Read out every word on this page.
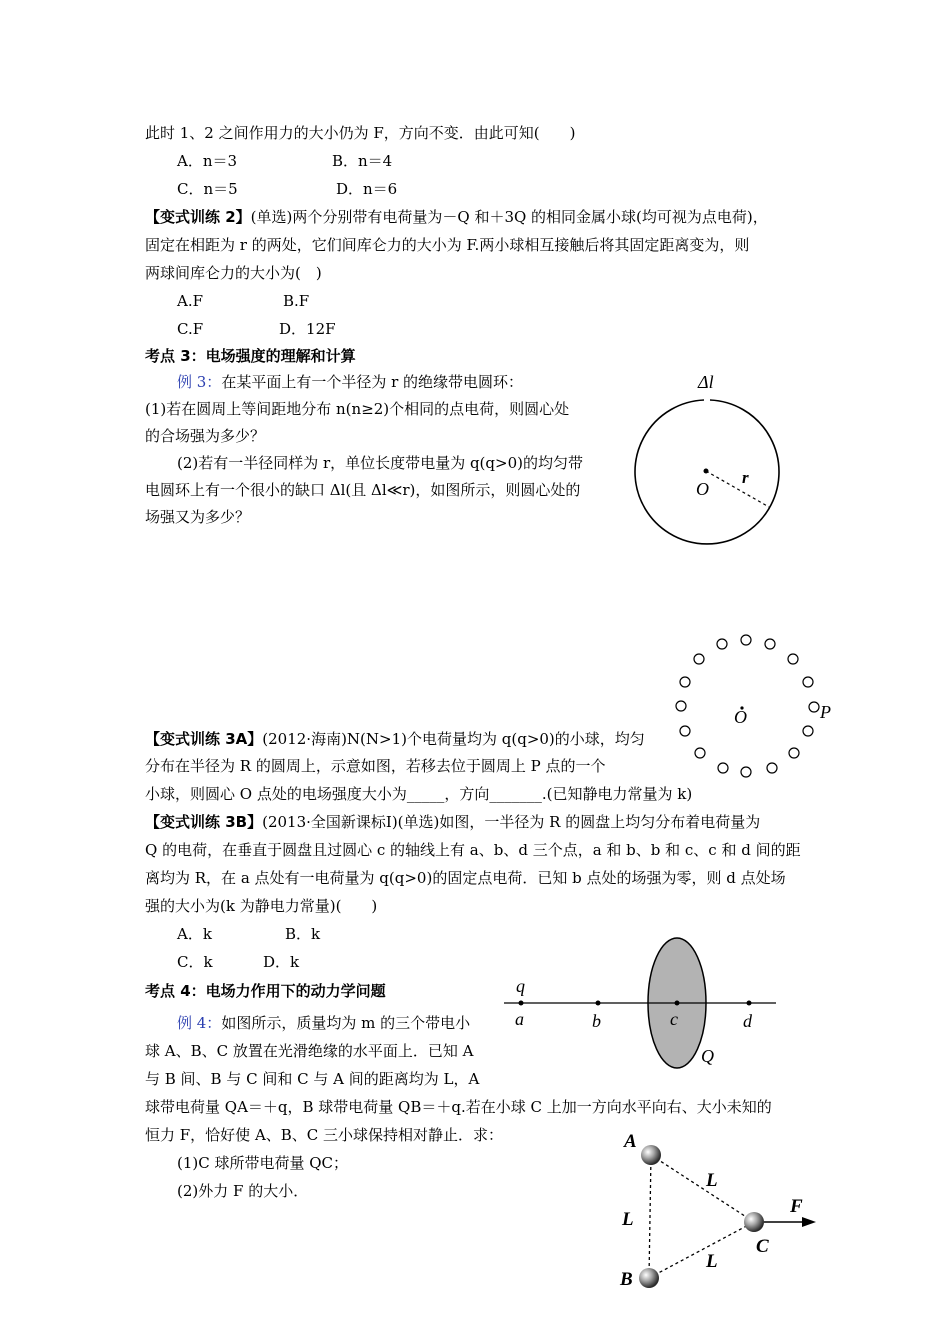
此时 1、2 之间作用力的大小仍为 F，方向不变．由此可知(　　)
A．n＝3	B．n＝4
C．n＝5	D．n＝6
【变式训练 2】(单选)两个分别带有电荷量为－Q 和＋3Q 的相同金属小球(均可视为点电荷)，
固定在相距为 r 的两处，它们间库仑力的大小为 F.两小球相互接触后将其固定距离变为，则
两球间库仑力的大小为(　)
A.F	B.F
C.F	D．12F
考点 3：电场强度的理解和计算
例 3：在某平面上有一个半径为 r 的绝缘带电圆环：
(1)若在圆周上等间距地分布 n(n≥2)个相同的点电荷，则圆心处
的合场强为多少？
(2)若有一半径同样为 r，单位长度带电量为 q(q>0)的均匀带
电圆环上有一个很小的缺口 Δl(且 Δl≪r)，如图所示，则圆心处的
场强又为多少？
【变式训练 3A】(2012·海南)N(N>1)个电荷量均为 q(q>0)的小球，均匀
分布在半径为 R 的圆周上，示意如图，若移去位于圆周上 P 点的一个
小球，则圆心 O 点处的电场强度大小为_____，方向_______.(已知静电力常量为 k)
【变式训练 3B】(2013·全国新课标Ⅰ)(单选)如图，一半径为 R 的圆盘上均匀分布着电荷量为
Q 的电荷，在垂直于圆盘且过圆心 c 的轴线上有 a、b、d 三个点，a 和 b、b 和 c、c 和 d 间的距
离均为 R，在 a 点处有一电荷量为 q(q>0)的固定点电荷．已知 b 点处的场强为零，则 d 点处场
强的大小为(k 为静电力常量)(　　)
A．k	B．k
C．k	D．k
考点 4：电场力作用下的动力学问题
例 4：如图所示，质量均为 m 的三个带电小
球 A、B、C 放置在光滑绝缘的水平面上．已知 A
与 B 间、B 与 C 间和 C 与 A 间的距离均为 L，A
球带电荷量 QA＝＋q，B 球带电荷量 QB＝＋q.若在小球 C 上加一方向水平向右、大小未知的
恒力 F，恰好使 A、B、C 三小球保持相对静止．求：
(1)C 球所带电荷量 QC；
(2)外力 F 的大小．
Δl
O
r
O	P
q
a	b	c	d
Q
A
B
C
L
L
L
F
